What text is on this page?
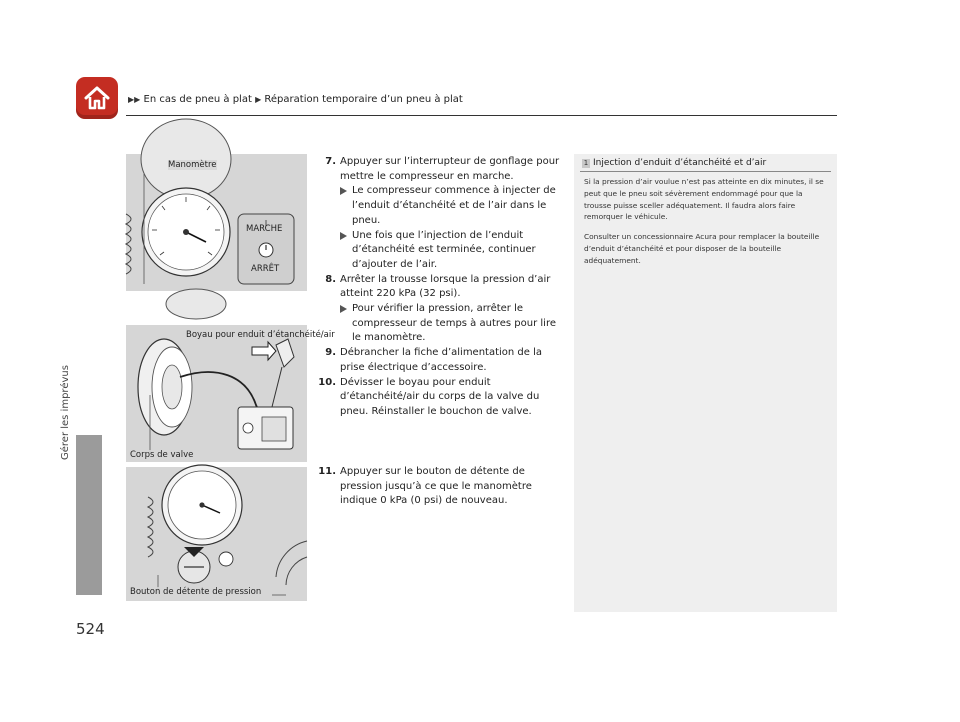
▶▶ En cas de pneu à plat ▶ Réparation temporaire d’un pneu à plat
Gérer les imprévus
524
Manomètre
MARCHE
ARRÊT
Boyau pour enduit d’étanchéité/air
Corps de valve
Bouton de détente de pression
7. Appuyer sur l’interrupteur de gonflage pour mettre le compresseur en marche.
Le compresseur commence à injecter de l’enduit d’étanchéité et de l’air dans le pneu.
Une fois que l’injection de l’enduit d’étanchéité est terminée, continuer d’ajouter de l’air.
8. Arrêter la trousse lorsque la pression d’air atteint 220 kPa (32 psi).
Pour vérifier la pression, arrêter le compresseur de temps à autres pour lire le manomètre.
9. Débrancher la fiche d’alimentation de la prise électrique d’accessoire.
10. Dévisser le boyau pour enduit d’étanchéité/air du corps de la valve du pneu. Réinstaller le bouchon de valve.
11. Appuyer sur le bouton de détente de pression jusqu’à ce que le manomètre indique 0 kPa (0 psi) de nouveau.
1 Injection d’enduit d’étanchéité et d’air

Si la pression d’air voulue n’est pas atteinte en dix minutes, il se peut que le pneu soit sévèrement endommagé pour que la trousse puisse sceller adéquatement. Il faudra alors faire remorquer le véhicule.

Consulter un concessionnaire Acura pour remplacer la bouteille d’enduit d’étanchéité et pour disposer de la bouteille adéquatement.
